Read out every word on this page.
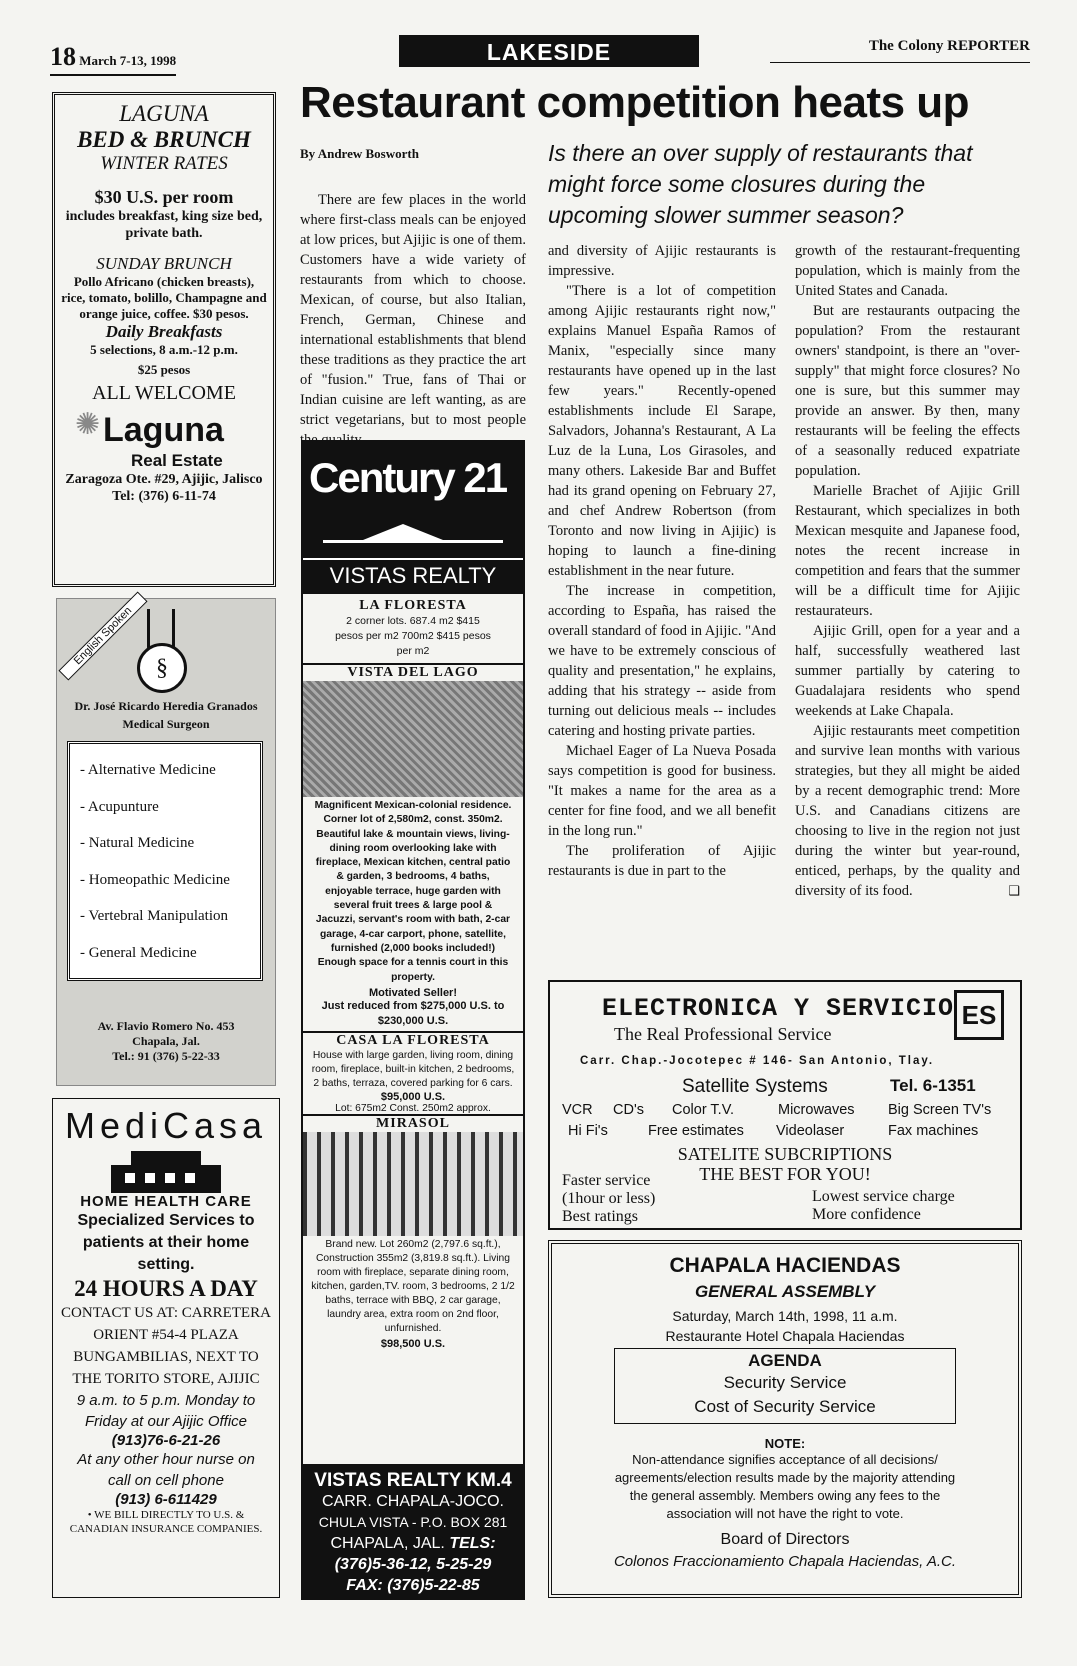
18 March 7-13, 1998	LAKESIDE	The Colony REPORTER
Restaurant competition heats up
By Andrew Bosworth

There are few places in the world where first-class meals can be enjoyed at low prices, but Ajijic is one of them. Customers have a wide variety of restaurants from which to choose. Mexican, of course, but also Italian, French, German, Chinese and international establishments that blend these traditions as they practice the art of "fusion." True, fans of Thai or Indian cuisine are left wanting, as are strict vegetarians, but to most people

Is there an over supply of restaurants that might force some closures during the upcoming slower summer season?

and diversity of Ajijic restaurants is impressive.

"There is a lot of competition among Ajijic restaurants right now," explains Manuel España Ramos of Manix, "especially since many restaurants have opened up in the last few years." Recently-opened establishments include El Sarape, Salvadors, Johanna's Restaurant, A La Luz de la Luna, Los Girasoles, and many others. Lakeside Bar and Buffet had its grand opening on February 27, and chef Andrew Robertson (from Toronto and now living in Ajijic) is hoping to launch a fine-dining establishment in the near future.

The increase in competition, according to España, has raised the overall standard of food in Ajijic. "And we have to be extremely conscious of quality and presentation," he explains, adding that his strategy -- aside from turning out delicious meals -- includes catering and hosting private parties.

Michael Eager of La Nueva Posada says competition is good for business. "It makes a name for the area as a center for fine food, and we all benefit in the long run."

The proliferation of Ajijic restaurants is due in part to the

growth of the restaurant-frequenting population, which is mainly from the United States and Canada.

But are restaurants outpacing the population? From the restaurant owners' standpoint, is there an "over-supply" that might force closures? No one is sure, but this summer may provide an answer. By then, many restaurants will be feeling the effects of a seasonally reduced expatriate population.

Marielle Brachet of Ajijic Grill Restaurant, which specializes in both Mexican mesquite and Japanese food, notes the recent increase in competition and fears that the summer will be a difficult time for Ajijic restaurateurs.

Ajijic Grill, open for a year and a half, successfully weathered last summer partially by catering to Guadalajara residents who spend weekends at Lake Chapala.

Ajijic restaurants meet competition and survive lean months with various strategies, but they all might be aided by a recent demographic trend: More U.S. and Canadians citizens are choosing to live in the region not just during the winter but year-round, enticed, perhaps, by the quality and diversity of its food.	❑
LAGUNA
BED & BRUNCH
WINTER RATES
$30 U.S. per room
includes breakfast, king size bed, private bath.
SUNDAY BRUNCH
Pollo Africano (chicken breasts), rice, tomato, bolillo, Champagne and orange juice, coffee. $30 pesos.
Daily Breakfasts
5 selections, 8 a.m.-12 p.m.
$25 pesos
ALL WELCOME
✺ Laguna
Real Estate
Zaragoza Ote. #29, Ajijic, Jalisco Tel: (376) 6-11-74
English Spoken
§
Dr. José Ricardo Heredia Granados
Medical Surgeon
- Alternative Medicine
- Acupunture
- Natural Medicine
- Homeopathic Medicine
- Vertebral Manipulation
- General Medicine
Av. Flavio Romero No. 453
Chapala, Jal.
Tel.: 91 (376) 5-22-33
MediCasa
HOME HEALTH CARE
Specialized Services to patients at their home setting.
24 HOURS A DAY
CONTACT US AT: CARRETERA ORIENT #54-4 PLAZA BUNGAMBILIAS, NEXT TO THE TORITO STORE, AJIJIC
9 a.m. to 5 p.m. Monday to Friday at our Ajijic Office
(913)76-6-21-26
At any other hour nurse on call on cell phone
(913) 6-611429
• WE BILL DIRECTLY TO U.S. & CANADIAN INSURANCE COMPANIES.
Century 21
VISTAS REALTY
LA FLORESTA
2 corner lots. 687.4 m2 $415 pesos per m2 700m2 $415 pesos per m2
VISTA DEL LAGO
Magnificent Mexican-colonial residence. Corner lot of 2,580m2, const. 350m2. Beautiful lake & mountain views, living-dining room overlooking lake with fireplace, Mexican kitchen, central patio & garden, 3 bedrooms, 4 baths, enjoyable terrace, huge garden with several fruit trees & large pool & Jacuzzi, servant's room with bath, 2-car garage, 4-car carport, phone, satellite, furnished (2,000 books included!) Enough space for a tennis court in this property.
Motivated Seller!
Just reduced from $275,000 U.S. to $230,000 U.S.
CASA LA FLORESTA
House with large garden, living room, dining room, fireplace, built-in kitchen, 2 bedrooms, 2 baths, terraza, covered parking for 6 cars.
$95,000 U.S.
Lot: 675m2 Const. 250m2 approx.
MIRASOL
Brand new. Lot 260m2 (2,797.6 sq.ft.), Construction 355m2 (3,819.8 sq.ft.). Living room with fireplace, separate dining room, kitchen, garden,TV. room, 3 bedrooms, 2 1/2 baths, terrace with BBQ, 2 car garage, laundry area, extra room on 2nd floor, unfurnished.
$98,500 U.S.
VISTAS REALTY KM.4
CARR. CHAPALA-JOCO.
CHULA VISTA - P.O. BOX 281
CHAPALA, JAL. TELS:
(376)5-36-12, 5-25-29
FAX: (376)5-22-85
ELECTRONICA Y SERVICIO ES
The Real Professional Service
Carr. Chap.-Jocotepec # 146- San Antonio, Tlay.
Satellite Systems	Tel. 6-1351
VCR CD's Color T.V.	Microwaves Big Screen TV's
Hi Fi's	Free estimates Videolaser	Fax machines
SATELITE SUBCRIPTIONS
THE BEST FOR YOU!
Faster service
(1hour or less)
Best ratings
Lowest service charge
More confidence
CHAPALA HACIENDAS
GENERAL ASSEMBLY
Saturday, March 14th, 1998, 11 a.m.
Restaurante Hotel Chapala Haciendas
AGENDA
Security Service
Cost of Security Service
NOTE:
Non-attendance signifies acceptance of all decisions/ agreements/election results made by the majority attending the general assembly. Members owing any fees to the association will not have the right to vote.
Board of Directors
Colonos Fraccionamiento Chapala Haciendas, A.C.
